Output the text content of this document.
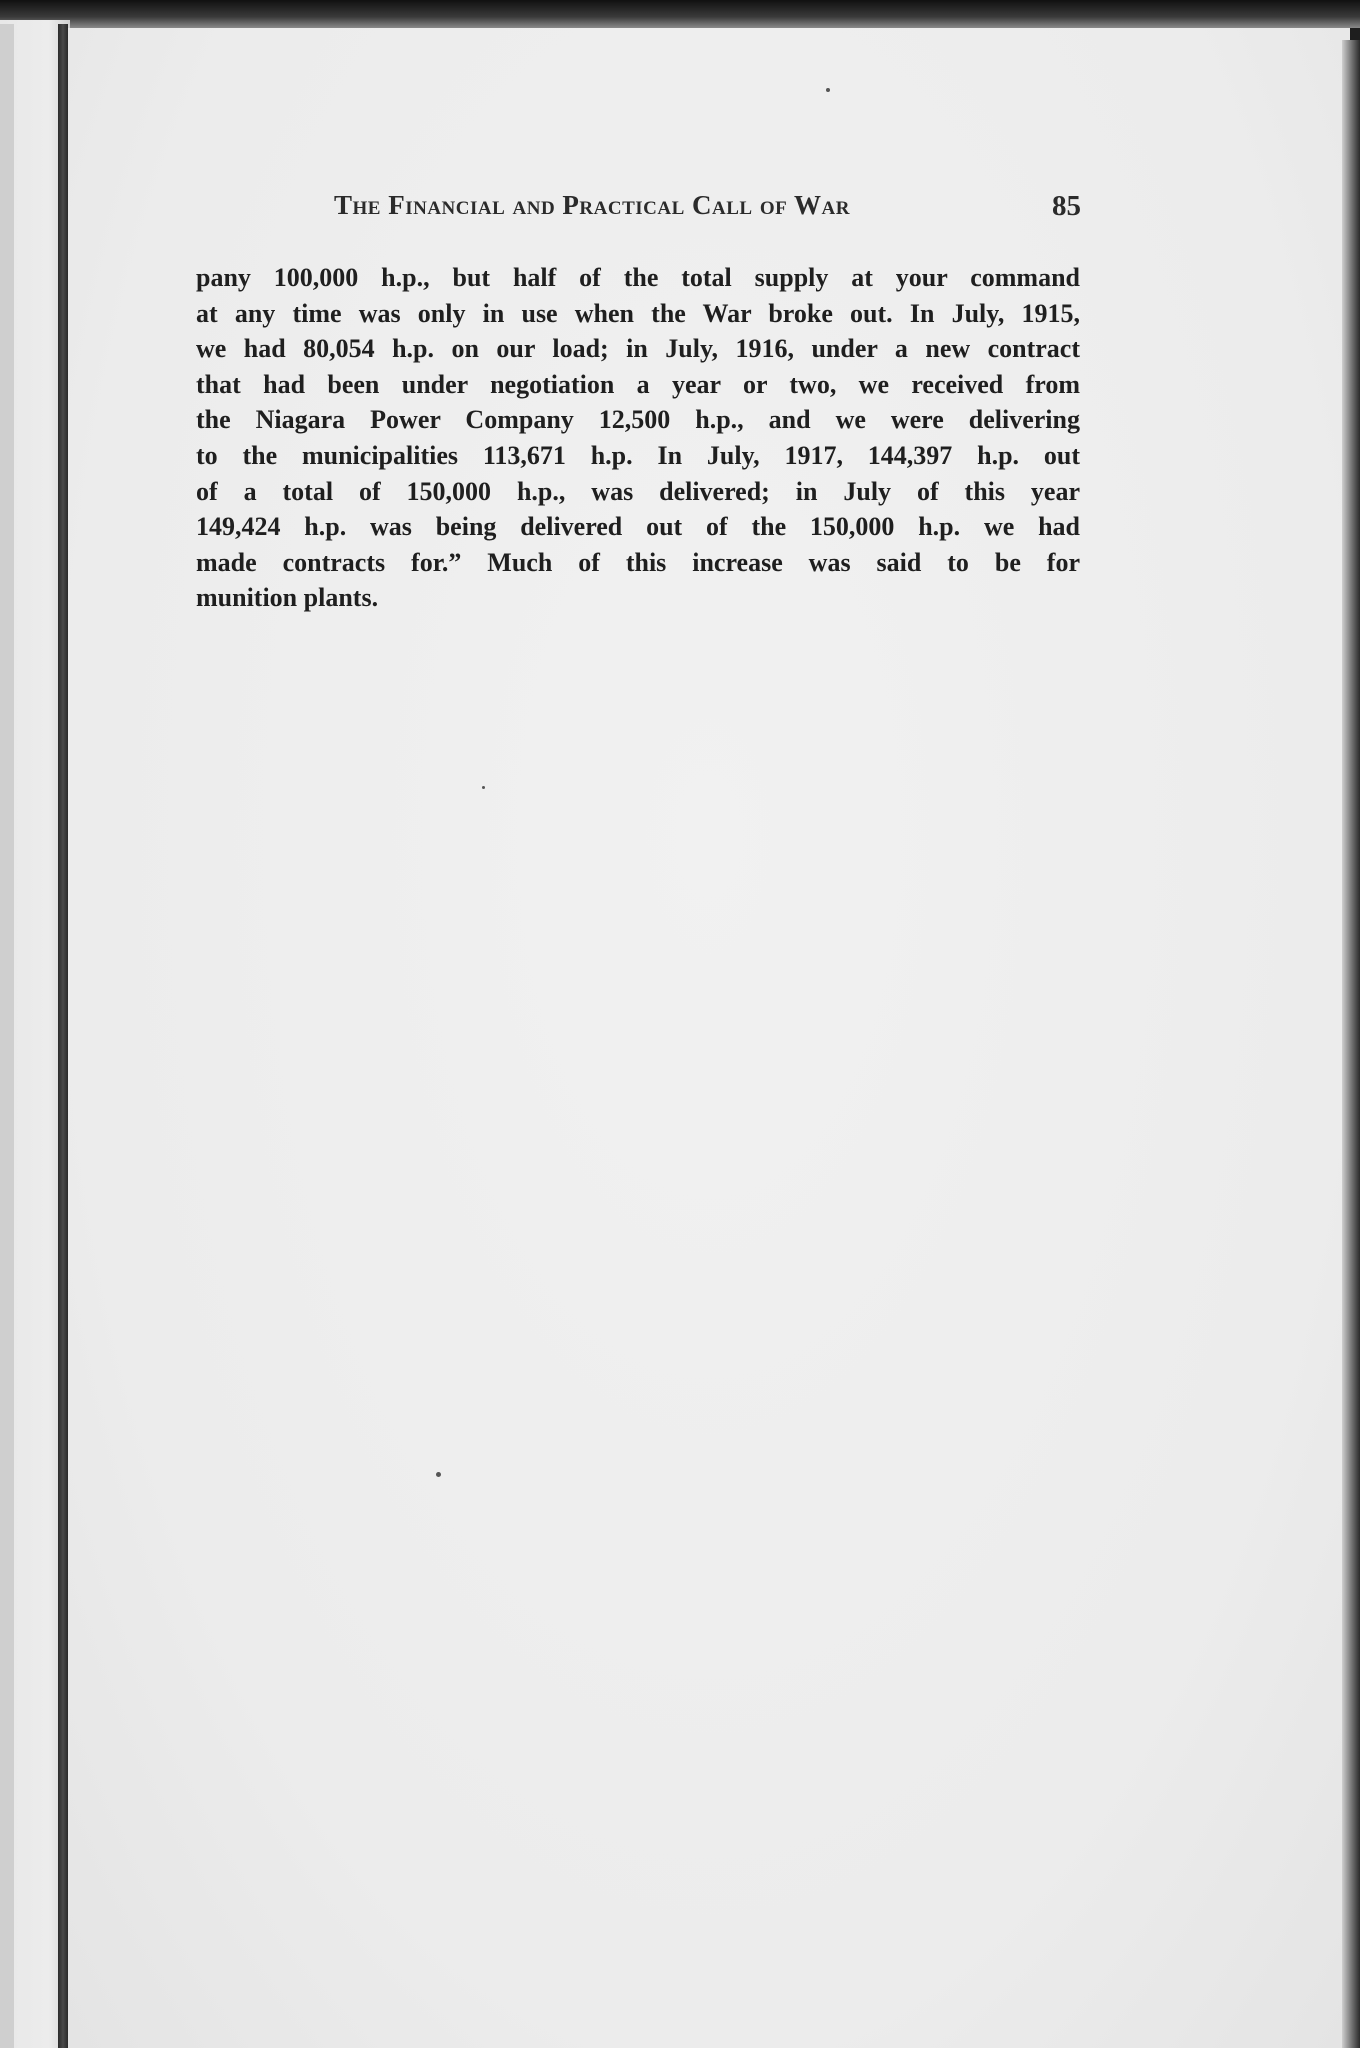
The Financial and Practical Call of War	85
pany 100,000 h.p., but half of the total supply at your command
at any time was only in use when the War broke out. In July, 1915,
we had 80,054 h.p. on our load; in July, 1916, under a new contract
that had been under negotiation a year or two, we received from
the Niagara Power Company 12,500 h.p., and we were delivering
to the municipalities 113,671 h.p. In July, 1917, 144,397 h.p. out
of a total of 150,000 h.p., was delivered; in July of this year
149,424 h.p. was being delivered out of the 150,000 h.p. we had
made contracts for.” Much of this increase was said to be for
munition plants.
